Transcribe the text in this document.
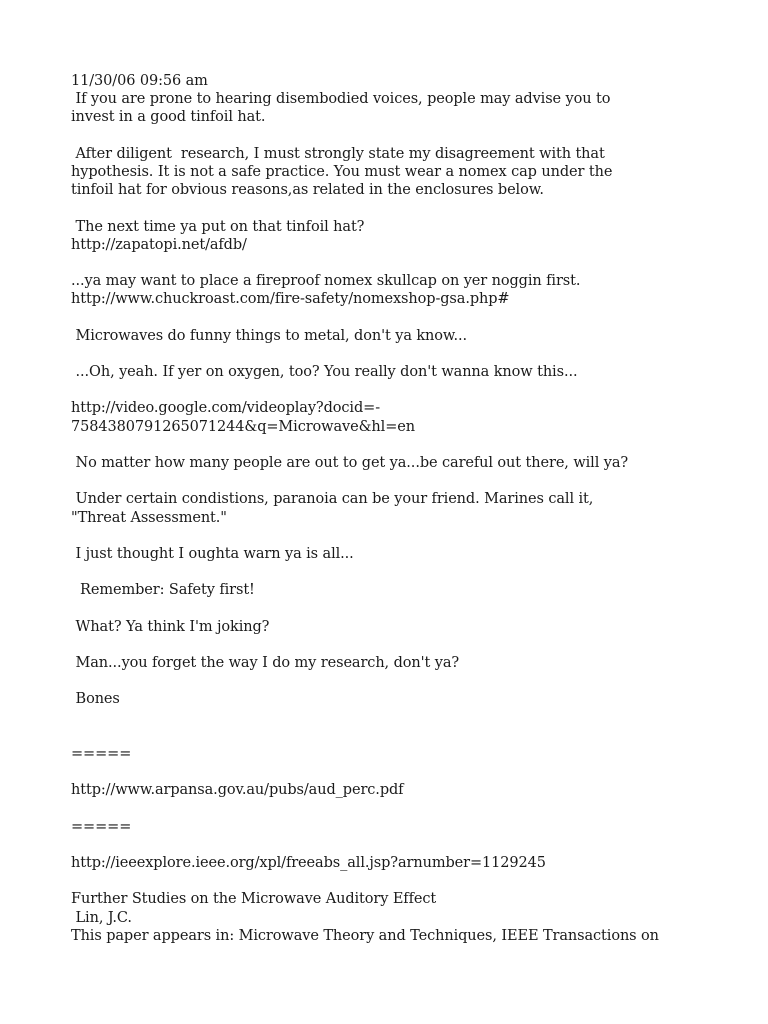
11/30/06 09:56 am
If you are prone to hearing disembodied voices, people may advise you to
invest in a good tinfoil hat.
After diligent  research, I must strongly state my disagreement with that
hypothesis. It is not a safe practice. You must wear a nomex cap under the
tinfoil hat for obvious reasons,as related in the enclosures below.
The next time ya put on that tinfoil hat?
http://zapatopi.net/afdb/
...ya may want to place a fireproof nomex skullcap on yer noggin first.
http://www.chuckroast.com/fire-safety/nomexshop-gsa.php#
Microwaves do funny things to metal, don't ya know...
...Oh, yeah. If yer on oxygen, too? You really don't wanna know this...
http://video.google.com/videoplay?docid=-
7584380791265071244&q=Microwave&hl=en
No matter how many people are out to get ya...be careful out there, will ya?
Under certain condistions, paranoia can be your friend. Marines call it,
"Threat Assessment."
I just thought I oughta warn ya is all...
Remember: Safety first!
What? Ya think I'm joking?
Man...you forget the way I do my research, don't ya?
Bones
=====
http://www.arpansa.gov.au/pubs/aud_perc.pdf
=====
http://ieeexplore.ieee.org/xpl/freeabs_all.jsp?arnumber=1129245
Further Studies on the Microwave Auditory Effect
Lin, J.C.
This paper appears in: Microwave Theory and Techniques, IEEE Transactions on
